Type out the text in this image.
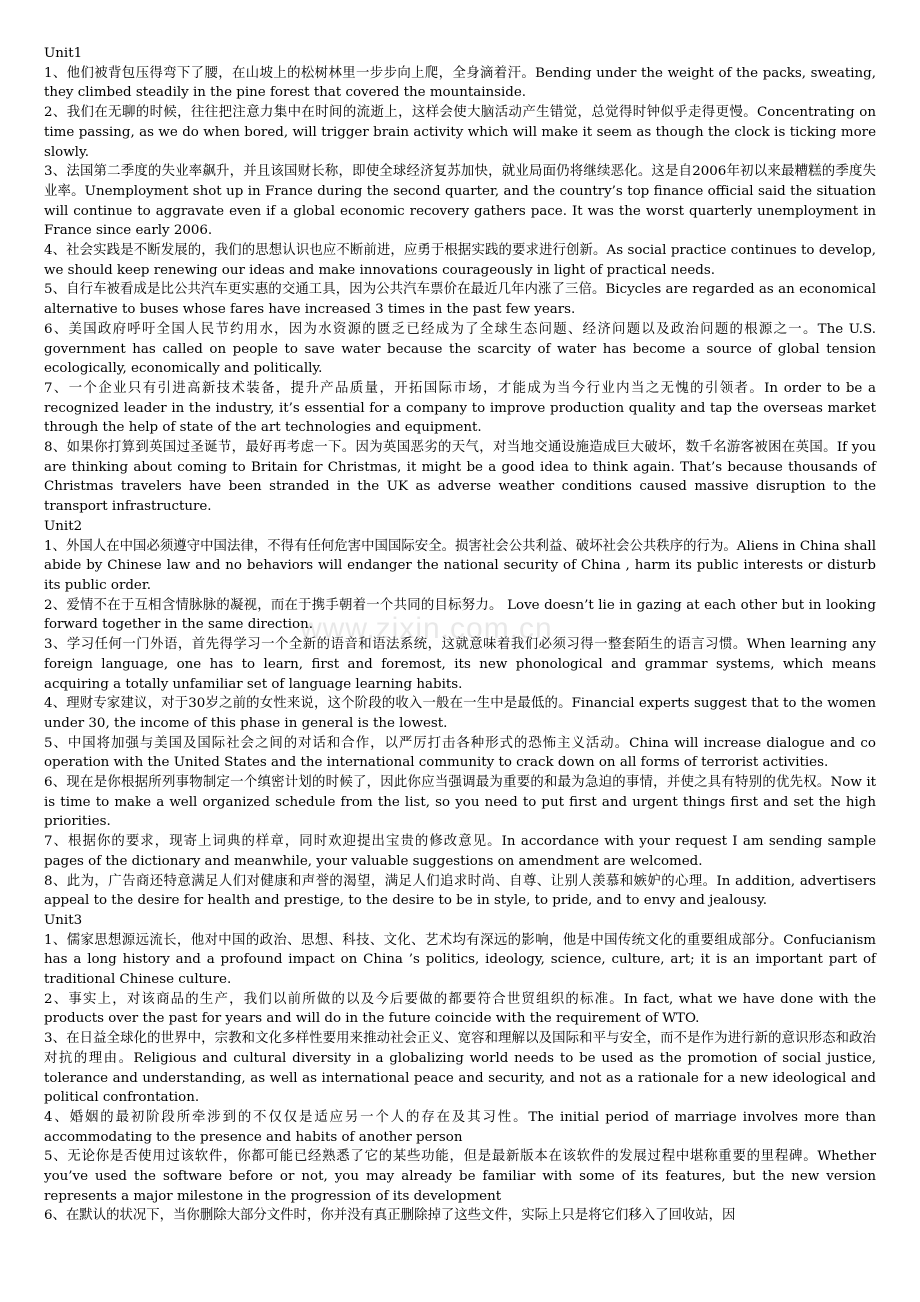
Unit1

1、他们被背包压得弯下了腰，在山坡上的松树林里一步步向上爬，全身滴着汗。Bending under the weight of the packs, sweating, they climbed steadily in the pine forest that covered the mountainside.

2、我们在无聊的时候，往往把注意力集中在时间的流逝上，这样会使大脑活动产生错觉，总觉得时钟似乎走得更慢。Concentrating on time passing, as we do when bored, will trigger brain activity which will make it seem as though the clock is ticking more slowly.

3、法国第二季度的失业率飙升，并且该国财长称，即使全球经济复苏加快，就业局面仍将继续恶化。这是自2006年初以来最糟糕的季度失业率。Unemployment shot up in France during the second quarter, and the country’s top finance official said the situation will continue to aggravate even if a global economic recovery gathers pace. It was the worst quarterly unemployment in France since early 2006.

4、社会实践是不断发展的，我们的思想认识也应不断前进，应勇于根据实践的要求进行创新。As social practice continues to develop, we should keep renewing our ideas and make innovations courageously in light of practical needs.

5、自行车被看成是比公共汽车更实惠的交通工具，因为公共汽车票价在最近几年内涨了三倍。Bicycles are regarded as an economical alternative to buses whose fares have increased 3 times in the past few years.

6、美国政府呼吁全国人民节约用水，因为水资源的匮乏已经成为了全球生态问题、经济问题以及政治问题的根源之一。The U.S. government has called on people to save water because the scarcity of water has become a source of global tension ecologically, economically and politically.

7、一个企业只有引进高新技术装备，提升产品质量，开拓国际市场，才能成为当今行业内当之无愧的引领者。In order to be a recognized leader in the industry, it’s essential for a company to improve production quality and tap the overseas market through the help of state of the art technologies and equipment.

8、如果你打算到英国过圣诞节，最好再考虑一下。因为英国恶劣的天气，对当地交通设施造成巨大破坏，数千名游客被困在英国。If you are thinking about coming to Britain for Christmas, it might be a good idea to think again. That’s because thousands of Christmas travelers have been stranded in the UK as adverse weather conditions caused massive disruption to the transport infrastructure.

Unit2

1、外国人在中国必须遵守中国法律，不得有任何危害中国国际安全。损害社会公共利益、破坏社会公共秩序的行为。Aliens in China shall abide by Chinese law and no behaviors will endanger the national security of China , harm its public interests or disturb its public order.

2、爱情不在于互相含情脉脉的凝视，而在于携手朝着一个共同的目标努力。 Love doesn’t lie in gazing at each other but in looking forward together in the same direction.

3、学习任何一门外语，首先得学习一个全新的语音和语法系统，这就意味着我们必须习得一整套陌生的语言习惯。When learning any foreign language, one has to learn, first and foremost, its new phonological and grammar systems, which means acquiring a totally unfamiliar set of language learning habits.

4、理财专家建议，对于30岁之前的女性来说，这个阶段的收入一般在一生中是最低的。Financial experts suggest that to the women under 30, the income of this phase in general is the lowest.

5、中国将加强与美国及国际社会之间的对话和合作，以严厉打击各种形式的恐怖主义活动。China will increase dialogue and co operation with the United States and the international community to crack down on all forms of terrorist activities.

6、现在是你根据所列事物制定一个缜密计划的时候了，因此你应当强调最为重要的和最为急迫的事情，并使之具有特别的优先权。Now it is time to make a well organized schedule from the list, so you need to put first and urgent things first and set the high priorities.

7、根据你的要求，现寄上词典的样章，同时欢迎提出宝贵的修改意见。In accordance with your request I am sending sample pages of the dictionary and meanwhile, your valuable suggestions on amendment are welcomed.

8、此为，广告商还特意满足人们对健康和声誉的渴望，满足人们追求时尚、自尊、让别人羡慕和嫉妒的心理。In addition, advertisers appeal to the desire for health and prestige, to the desire to be in style, to pride, and to envy and jealousy.

Unit3

1、儒家思想源远流长，他对中国的政治、思想、科技、文化、艺术均有深远的影响，他是中国传统文化的重要组成部分。Confucianism has a long history and a profound impact on China ’s politics, ideology, science, culture, art; it is an important part of traditional Chinese culture.

2、事实上，对该商品的生产，我们以前所做的以及今后要做的都要符合世贸组织的标准。In fact, what we have done with the products over the past for years and will do in the future coincide with the requirement of WTO.

3、在日益全球化的世界中，宗教和文化多样性要用来推动社会正义、宽容和理解以及国际和平与安全，而不是作为进行新的意识形态和政治对抗的理由。Religious and cultural diversity in a globalizing world needs to be used as the promotion of social justice, tolerance and understanding, as well as international peace and security, and not as a rationale for a new ideological and political confrontation.

4、婚姻的最初阶段所牵涉到的不仅仅是适应另一个人的存在及其习性。The initial period of marriage involves more than accommodating to the presence and habits of another person

5、无论你是否使用过该软件，你都可能已经熟悉了它的某些功能，但是最新版本在该软件的发展过程中堪称重要的里程碑。Whether you’ve used the software before or not, you may already be familiar with some of its features, but the new version represents a major milestone in the progression of its development

6、在默认的状况下，当你删除大部分文件时，你并没有真正删除掉了这些文件，实际上只是将它们移入了回收站，因

www.zixin.com.cn
